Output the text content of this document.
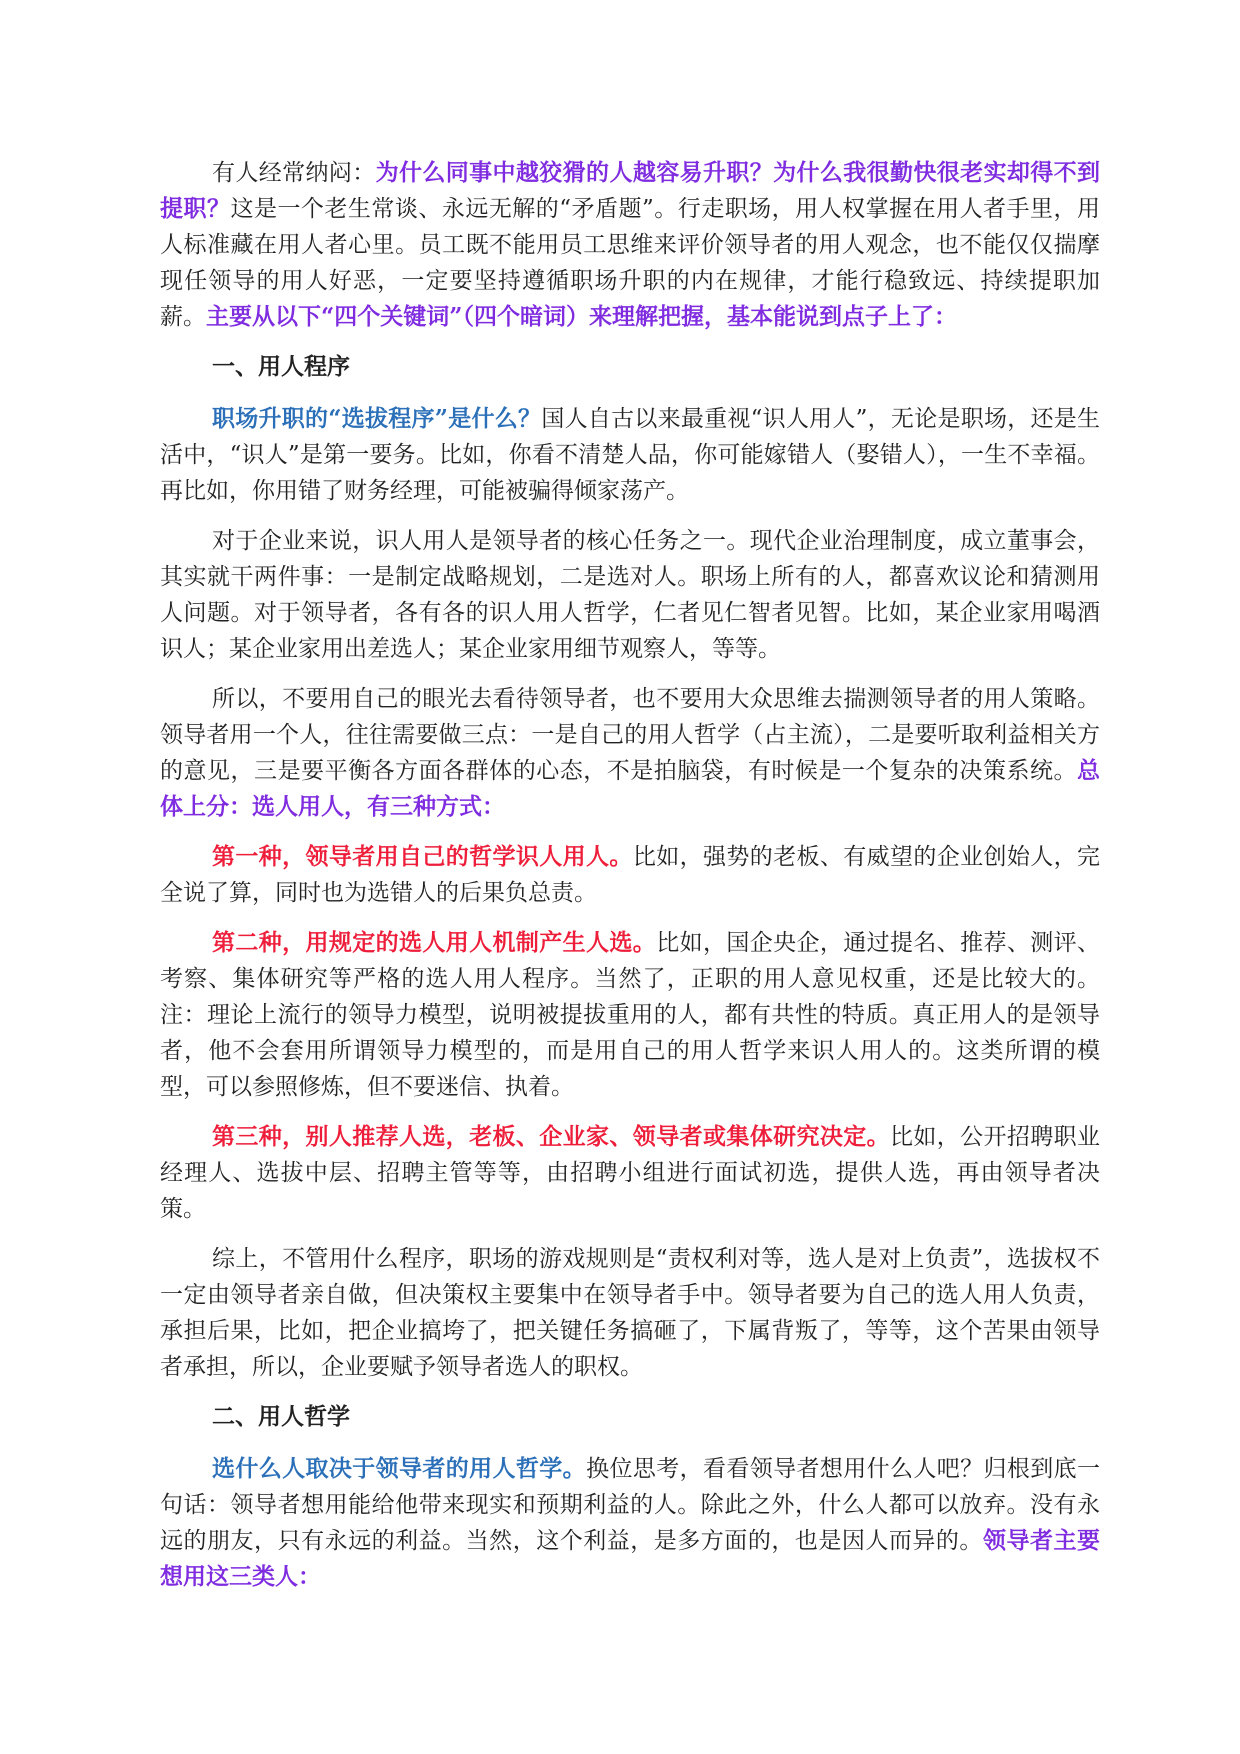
有人经常纳闷：为什么同事中越狡猾的人越容易升职？为什么我很勤快很老实却得不到提职？这是一个老生常谈、永远无解的“矛盾题”。行走职场，用人权掌握在用人者手里，用人标准藏在用人者心里。员工既不能用员工思维来评价领导者的用人观念，也不能仅仅揣摩现任领导的用人好恶，一定要坚持遵循职场升职的内在规律，才能行稳致远、持续提职加薪。主要从以下“四个关键词”（四个暗词）来理解把握，基本能说到点子上了：

一、用人程序

职场升职的“选拔程序”是什么？国人自古以来最重视“识人用人”，无论是职场，还是生活中，“识人”是第一要务。比如，你看不清楚人品，你可能嫁错人（娶错人），一生不幸福。再比如，你用错了财务经理，可能被骗得倾家荡产。

对于企业来说，识人用人是领导者的核心任务之一。现代企业治理制度，成立董事会，其实就干两件事：一是制定战略规划，二是选对人。职场上所有的人，都喜欢议论和猜测用人问题。对于领导者，各有各的识人用人哲学，仁者见仁智者见智。比如，某企业家用喝酒识人；某企业家用出差选人；某企业家用细节观察人，等等。

所以，不要用自己的眼光去看待领导者，也不要用大众思维去揣测领导者的用人策略。领导者用一个人，往往需要做三点：一是自己的用人哲学（占主流），二是要听取利益相关方的意见，三是要平衡各方面各群体的心态，不是拍脑袋，有时候是一个复杂的决策系统。总体上分：选人用人，有三种方式：

第一种，领导者用自己的哲学识人用人。比如，强势的老板、有威望的企业创始人，完全说了算，同时也为选错人的后果负总责。

第二种，用规定的选人用人机制产生人选。比如，国企央企，通过提名、推荐、测评、考察、集体研究等严格的选人用人程序。当然了，正职的用人意见权重，还是比较大的。注：理论上流行的领导力模型，说明被提拔重用的人，都有共性的特质。真正用人的是领导者，他不会套用所谓领导力模型的，而是用自己的用人哲学来识人用人的。这类所谓的模型，可以参照修炼，但不要迷信、执着。

第三种，别人推荐人选，老板、企业家、领导者或集体研究决定。比如，公开招聘职业经理人、选拔中层、招聘主管等等，由招聘小组进行面试初选，提供人选，再由领导者决策。

综上，不管用什么程序，职场的游戏规则是“责权利对等，选人是对上负责”，选拔权不一定由领导者亲自做，但决策权主要集中在领导者手中。领导者要为自己的选人用人负责，承担后果，比如，把企业搞垮了，把关键任务搞砸了，下属背叛了，等等，这个苦果由领导者承担，所以，企业要赋予领导者选人的职权。

二、用人哲学

选什么人取决于领导者的用人哲学。换位思考，看看领导者想用什么人吧？归根到底一句话：领导者想用能给他带来现实和预期利益的人。除此之外，什么人都可以放弃。没有永远的朋友，只有永远的利益。当然，这个利益，是多方面的，也是因人而异的。领导者主要想用这三类人：
